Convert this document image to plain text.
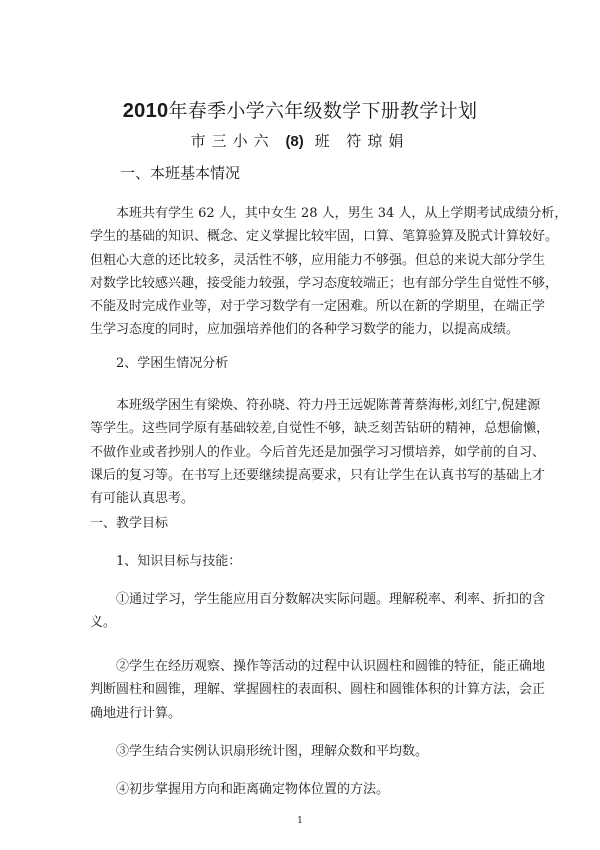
2010年春季小学六年级数学下册教学计划
市三小六 (8) 班 符琼娟
一、本班基本情况
本班共有学生 62 人，其中女生 28 人，男生 34 人，从上学期考试成绩分析，
学生的基础的知识、概念、定义掌握比较牢固，口算、笔算验算及脱式计算较好。
但粗心大意的还比较多，灵活性不够，应用能力不够强。但总的来说大部分学生
对数学比较感兴趣，接受能力较强，学习态度较端正；也有部分学生自觉性不够，
不能及时完成作业等，对于学习数学有一定困难。所以在新的学期里，在端正学
生学习态度的同时，应加强培养他们的各种学习数学的能力，以提高成绩。
2、学困生情况分析
本班级学困生有梁焕、符孙晓、符力丹王远妮陈菁菁蔡海彬,刘红宁,倪建源
等学生。这些同学原有基础较差,自觉性不够，缺乏刻苦钻研的精神，总想偷懒，
不做作业或者抄别人的作业。今后首先还是加强学习习惯培养，如学前的自习、
课后的复习等。在书写上还要继续提高要求，只有让学生在认真书写的基础上才
有可能认真思考。
一、教学目标
1、知识目标与技能：
①通过学习，学生能应用百分数解决实际问题。理解税率、利率、折扣的含
义。
②学生在经历观察、操作等活动的过程中认识圆柱和圆锥的特征，能正确地
判断圆柱和圆锥，理解、掌握圆柱的表面积、圆柱和圆锥体积的计算方法，会正
确地进行计算。
③学生结合实例认识扇形统计图，理解众数和平均数。
④初步掌握用方向和距离确定物体位置的方法。
1
